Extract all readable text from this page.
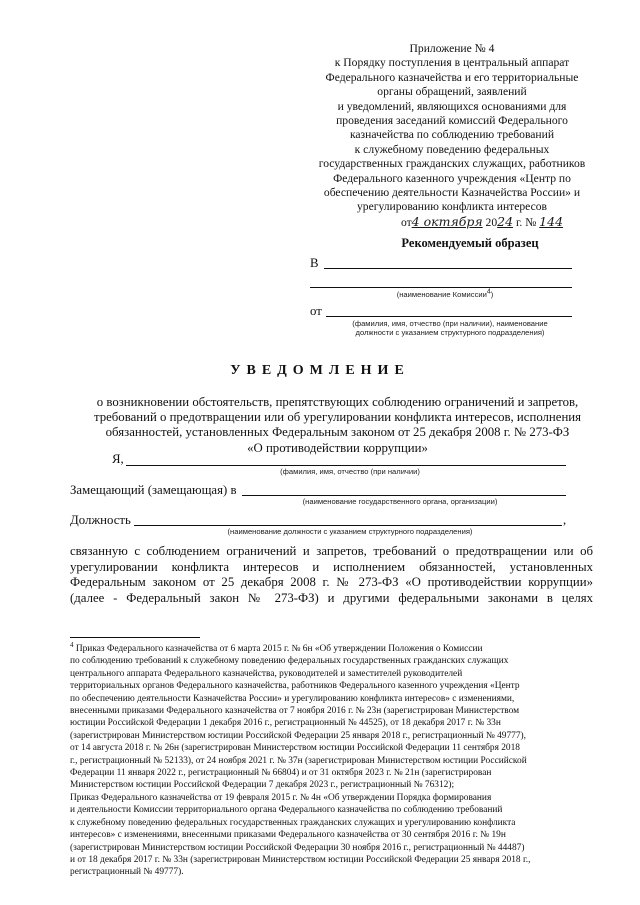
Приложение № 4
к Порядку поступления в центральный аппарат
Федерального казначейства и его территориальные
органы обращений, заявлений
и уведомлений, являющихся основаниями для
проведения заседаний комиссий Федерального
казначейства по соблюдению требований
к служебному поведению федеральных
государственных гражданских служащих, работников
Федерального казенного учреждения «Центр по
обеспечению деятельности Казначейства России» и
урегулированию конфликта интересов
от4 октября 2024 г. № 144
Рекомендуемый образец
В
(наименование Комиссии$^4$)
от
(фамилия, имя, отчество (при наличии), наименование
должности с указанием структурного подразделения)
УВЕДОМЛЕНИЕ
о возникновении обстоятельств, препятствующих соблюдению ограничений и запретов,
требований о предотвращении или об урегулировании конфликта интересов, исполнения
обязанностей, установленных Федеральным законом от 25 декабря 2008 г. № 273-ФЗ
«О противодействии коррупции»
Я,
(фамилия, имя, отчество (при наличии)
Замещающий (замещающая) в
(наименование государственного органа, организации)
Должность	,
(наименование должности с указанием структурного подразделения)
связанную с соблюдением ограничений и запретов, требований о предотвращении или об
урегулировании конфликта интересов и исполнением обязанностей, установленных
Федеральным законом от 25 декабря 2008 г. № 273-ФЗ «О противодействии коррупции»
(далее - Федеральный закон № 273-ФЗ) и другими федеральными законами в целях
$^4$ Приказ Федерального казначейства от 6 марта 2015 г. № 6н «Об утверждении Положения о Комиссии
по соблюдению требований к служебному поведению федеральных государственных гражданских служащих
центрального аппарата Федерального казначейства, руководителей и заместителей руководителей
территориальных органов Федерального казначейства, работников Федерального казенного учреждения «Центр
по обеспечению деятельности Казначейства России» и урегулированию конфликта интересов» с изменениями,
внесенными приказами Федерального казначейства от 7 ноября 2016 г. № 23н (зарегистрирован Министерством
юстиции Российской Федерации 1 декабря 2016 г., регистрационный № 44525), от 18 декабря 2017 г. № 33н
(зарегистрирован Министерством юстиции Российской Федерации 25 января 2018 г., регистрационный № 49777),
от 14 августа 2018 г. № 26н (зарегистрирован Министерством юстиции Российской Федерации 11 сентября 2018
г., регистрационный № 52133), от 24 ноября 2021 г. № 37н (зарегистрирован Министерством юстиции Российской
Федерации 11 января 2022 г., регистрационный № 66804) и от 31 октября 2023 г. № 21н (зарегистрирован
Министерством юстиции Российской Федерации 7 декабря 2023 г., регистрационный № 76312);
Приказ Федерального казначейства от 19 февраля 2015 г. № 4н «Об утверждении Порядка формирования
и деятельности Комиссии территориального органа Федерального казначейства по соблюдению требований
к служебному поведению федеральных государственных гражданских служащих и урегулированию конфликта
интересов» с изменениями, внесенными приказами Федерального казначейства от 30 сентября 2016 г. № 19н
(зарегистрирован Министерством юстиции Российской Федерации 30 ноября 2016 г., регистрационный № 44487)
и от 18 декабря 2017 г. № 33н (зарегистрирован Министерством юстиции Российской Федерации 25 января 2018 г.,
регистрационный № 49777).
